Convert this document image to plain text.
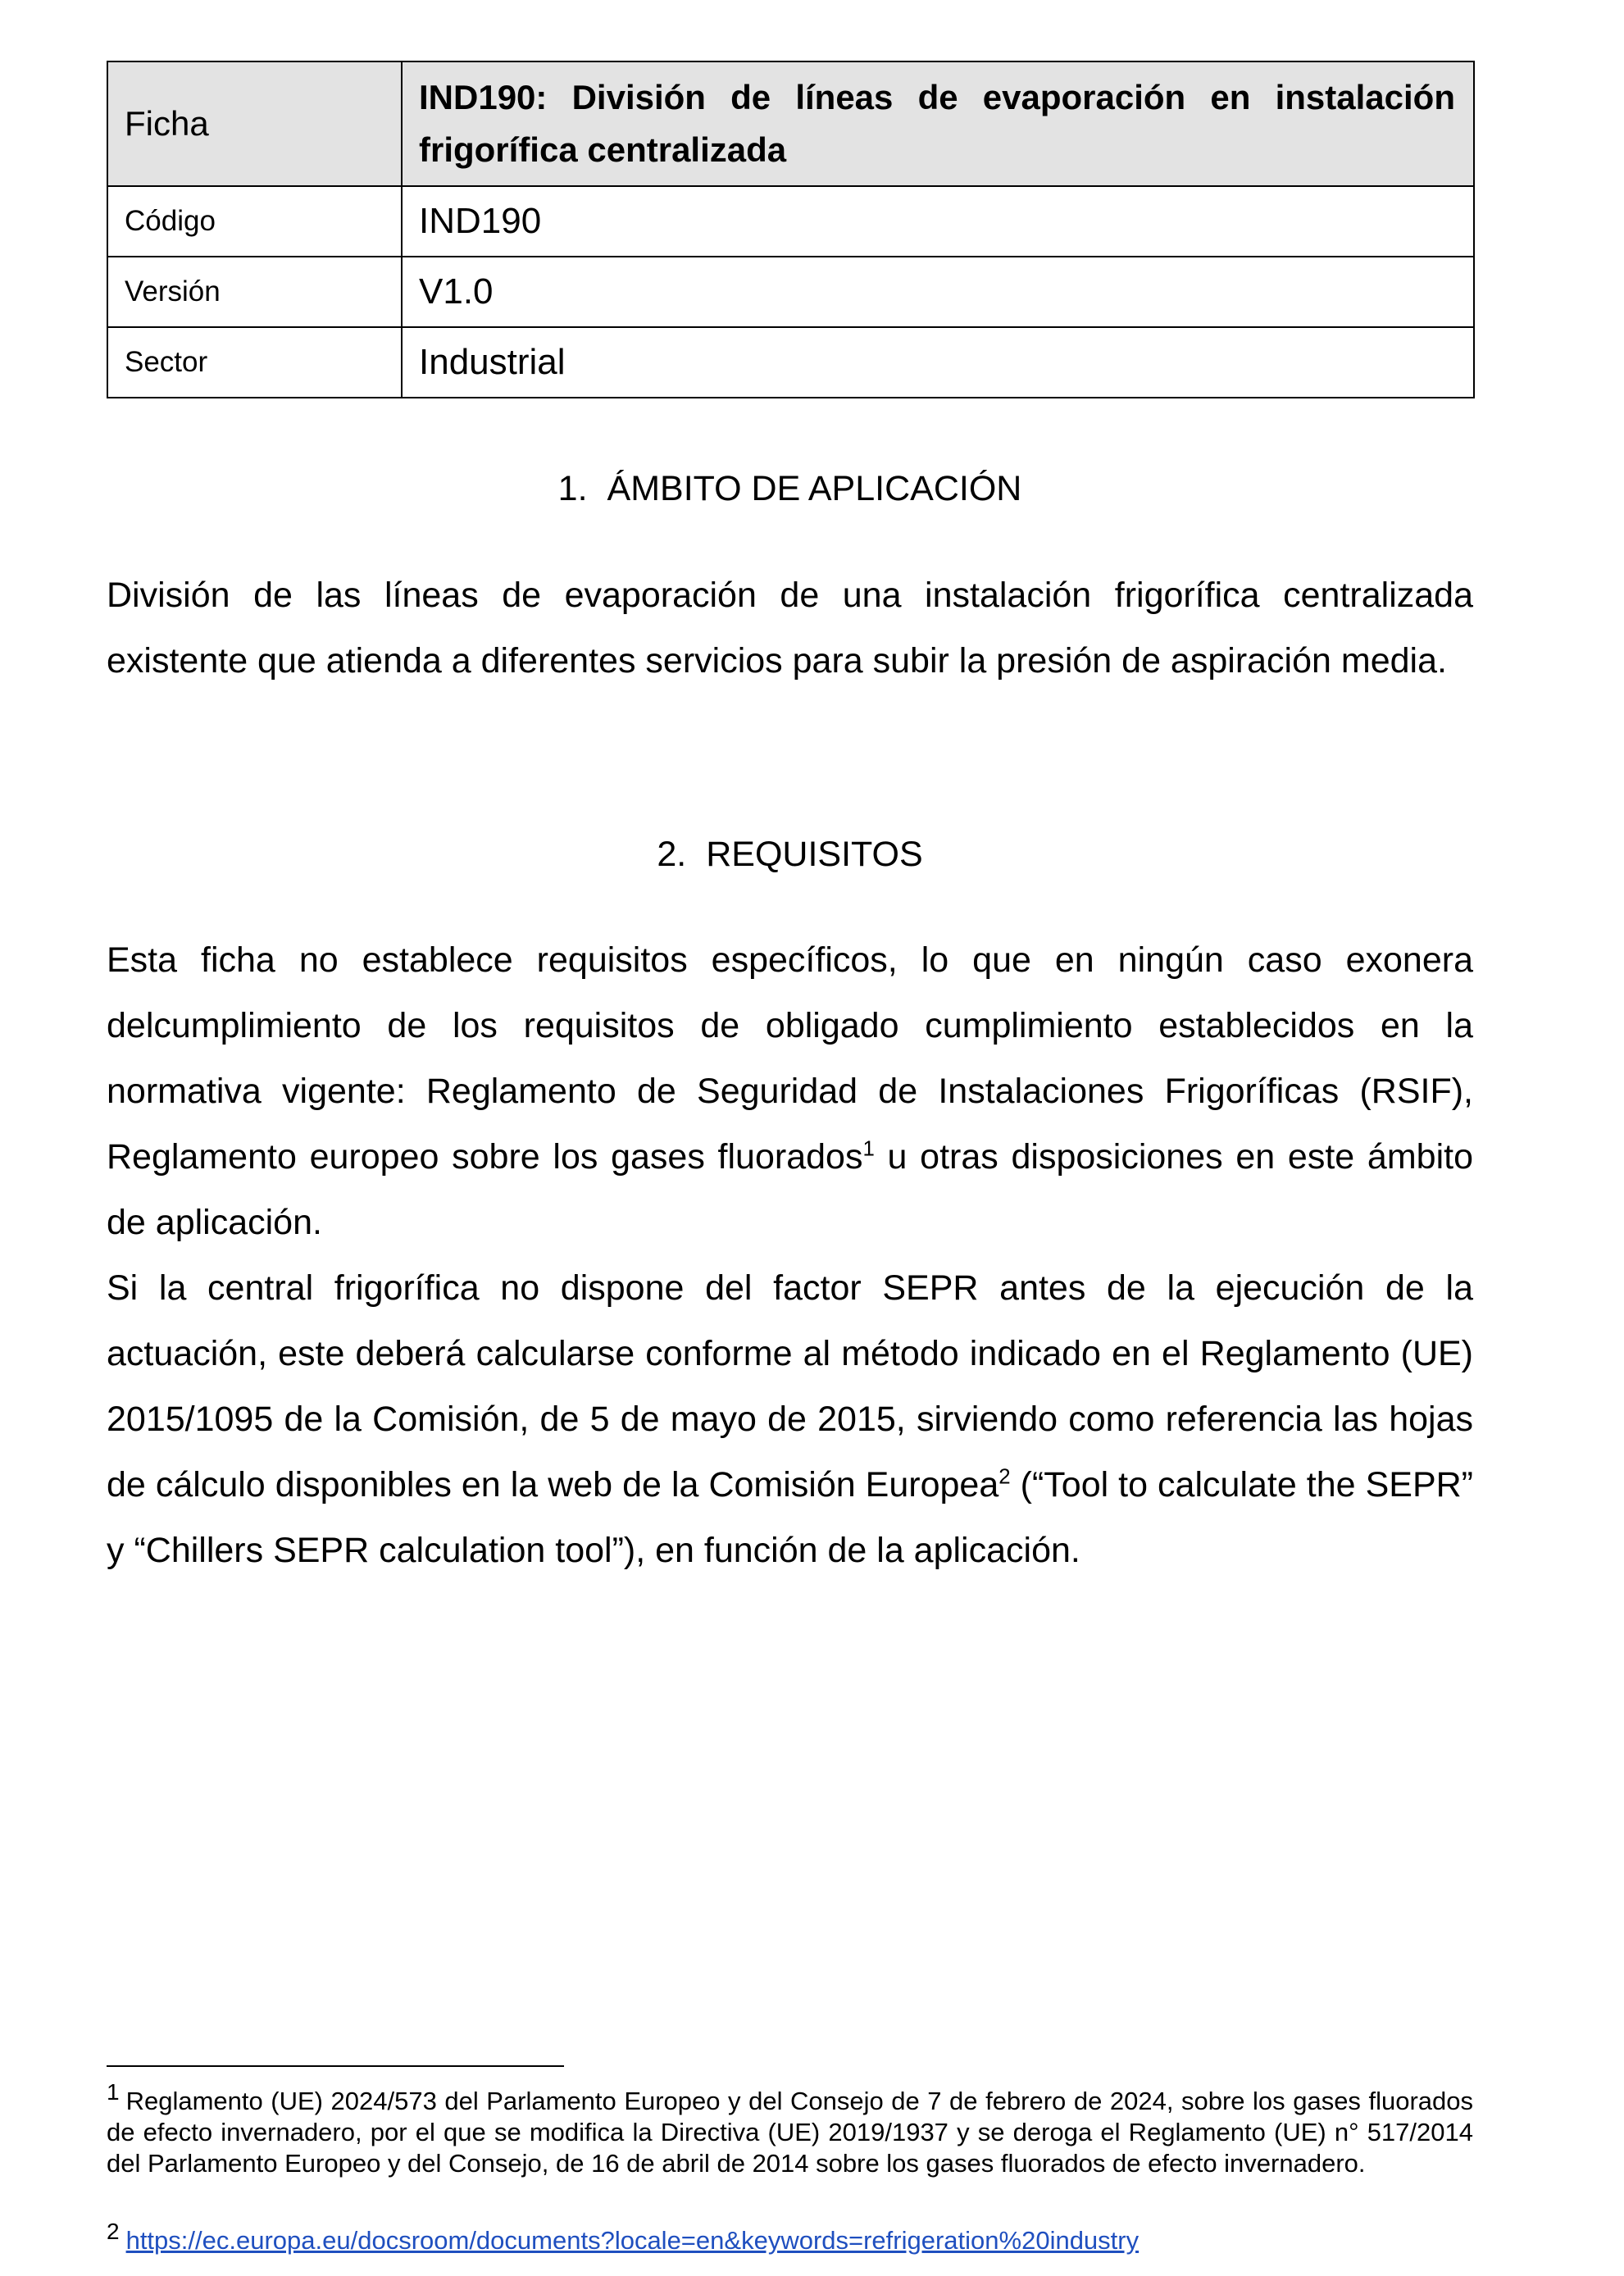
Ficha	IND190: División de líneas de evaporación en instalación frigorífica centralizada
Código	IND190
Versión	V1.0
Sector	Industrial
1. ÁMBITO DE APLICACIÓN

División de las líneas de evaporación de una instalación frigorífica centralizada existente que atienda a diferentes servicios para subir la presión de aspiración media.

2. REQUISITOS

Esta ficha no establece requisitos específicos, lo que en ningún caso exonera delcumplimiento de los requisitos de obligado cumplimiento establecidos en la normativa vigente: Reglamento de Seguridad de Instalaciones Frigoríficas (RSIF), Reglamento europeo sobre los gases fluorados$^1$ u otras disposiciones en este ámbito de aplicación.

Si la central frigorífica no dispone del factor SEPR antes de la ejecución de la actuación, este deberá calcularse conforme al método indicado en el Reglamento (UE) 2015/1095 de la Comisión, de 5 de mayo de 2015, sirviendo como referencia las hojas de cálculo disponibles en la web de la Comisión Europea$^2$ (“Tool to calculate the SEPR” y “Chillers SEPR calculation tool”), en función de la aplicación.

1 Reglamento (UE) 2024/573 del Parlamento Europeo y del Consejo de 7 de febrero de 2024, sobre los gases fluorados de efecto invernadero, por el que se modifica la Directiva (UE) 2019/1937 y se deroga el Reglamento (UE) n° 517/2014 del Parlamento Europeo y del Consejo, de 16 de abril de 2014 sobre los gases fluorados de efecto invernadero.

2 https://ec.europa.eu/docsroom/documents?locale=en&keywords=refrigeration%20industry
